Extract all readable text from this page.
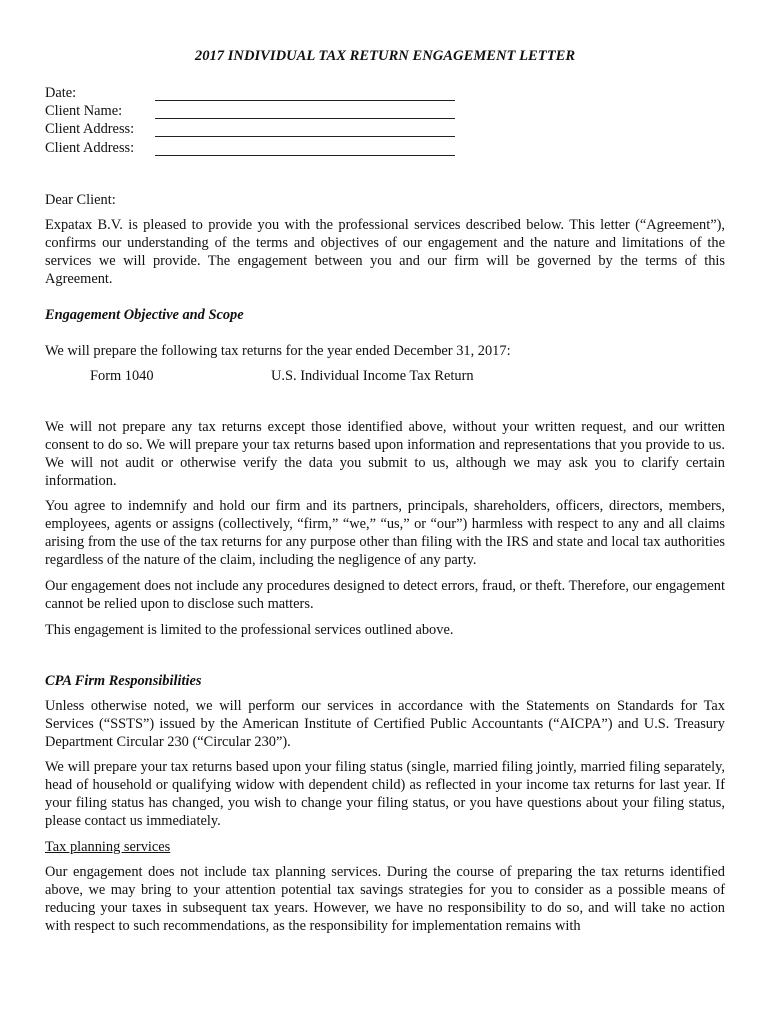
2017 INDIVIDUAL TAX RETURN ENGAGEMENT LETTER
Date:
Client Name:
Client Address:
Client Address:

Dear Client:

Expatax B.V. is pleased to provide you with the professional services described below. This letter (“Agreement”), confirms our understanding of the terms and objectives of our engagement and the nature and limitations of the services we will provide. The engagement between you and our firm will be governed by the terms of this Agreement.

Engagement Objective and Scope

We will prepare the following tax returns for the year ended December 31, 2017:

Form 1040	U.S. Individual Income Tax Return

We will not prepare any tax returns except those identified above, without your written request, and our written consent to do so. We will prepare your tax returns based upon information and representations that you provide to us. We will not audit or otherwise verify the data you submit to us, although we may ask you to clarify certain information.

You agree to indemnify and hold our firm and its partners, principals, shareholders, officers, directors, members, employees, agents or assigns (collectively, “firm,” “we,” “us,” or “our”) harmless with respect to any and all claims arising from the use of the tax returns for any purpose other than filing with the IRS and state and local tax authorities regardless of the nature of the claim, including the negligence of any party.

Our engagement does not include any procedures designed to detect errors, fraud, or theft. Therefore, our engagement cannot be relied upon to disclose such matters.

This engagement is limited to the professional services outlined above.

CPA Firm Responsibilities

Unless otherwise noted, we will perform our services in accordance with the Statements on Standards for Tax Services (“SSTS”) issued by the American Institute of Certified Public Accountants (“AICPA”) and U.S. Treasury Department Circular 230 (“Circular 230”).

We will prepare your tax returns based upon your filing status (single, married filing jointly, married filing separately, head of household or qualifying widow with dependent child) as reflected in your income tax returns for last year. If your filing status has changed, you wish to change your filing status, or you have questions about your filing status, please contact us immediately.

Tax planning services

Our engagement does not include tax planning services. During the course of preparing the tax returns identified above, we may bring to your attention potential tax savings strategies for you to consider as a possible means of reducing your taxes in subsequent tax years. However, we have no responsibility to do so, and will take no action with respect to such recommendations, as the responsibility for implementation remains with
